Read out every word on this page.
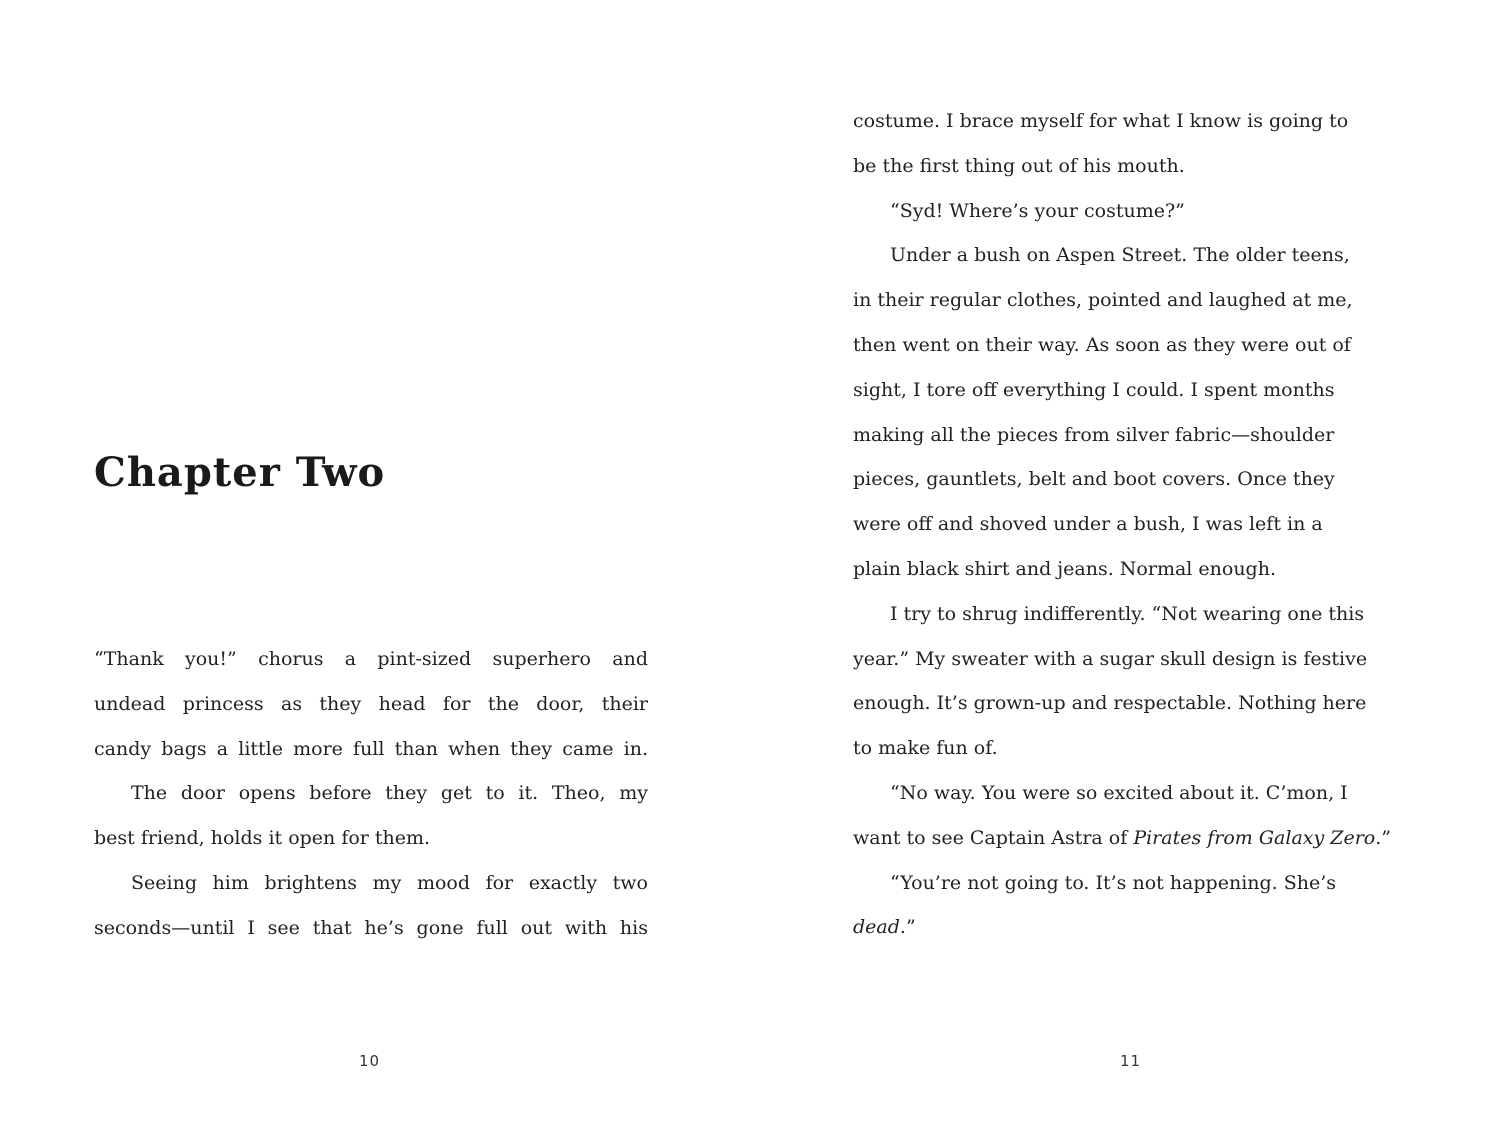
Chapter Two

“Thank you!” chorus a pint-sized superhero and
undead princess as they head for the door, their
candy bags a little more full than when they came in.

The door opens before they get to it. Theo, my
best friend, holds it open for them.

Seeing him brightens my mood for exactly two
seconds—until I see that he’s gone full out with his

10

costume. I brace myself for what I know is going to
be the first thing out of his mouth.

“Syd! Where’s your costume?”

Under a bush on Aspen Street. The older teens,
in their regular clothes, pointed and laughed at me,
then went on their way. As soon as they were out of
sight, I tore off everything I could. I spent months
making all the pieces from silver fabric—shoulder
pieces, gauntlets, belt and boot covers. Once they
were off and shoved under a bush, I was left in a
plain black shirt and jeans. Normal enough.

I try to shrug indifferently. “Not wearing one this
year.” My sweater with a sugar skull design is festive
enough. It’s grown-up and respectable. Nothing here
to make fun of.

“No way. You were so excited about it. C’mon, I
want to see Captain Astra of Pirates from Galaxy Zero.”

“You’re not going to. It’s not happening. She’s
dead.”

11
